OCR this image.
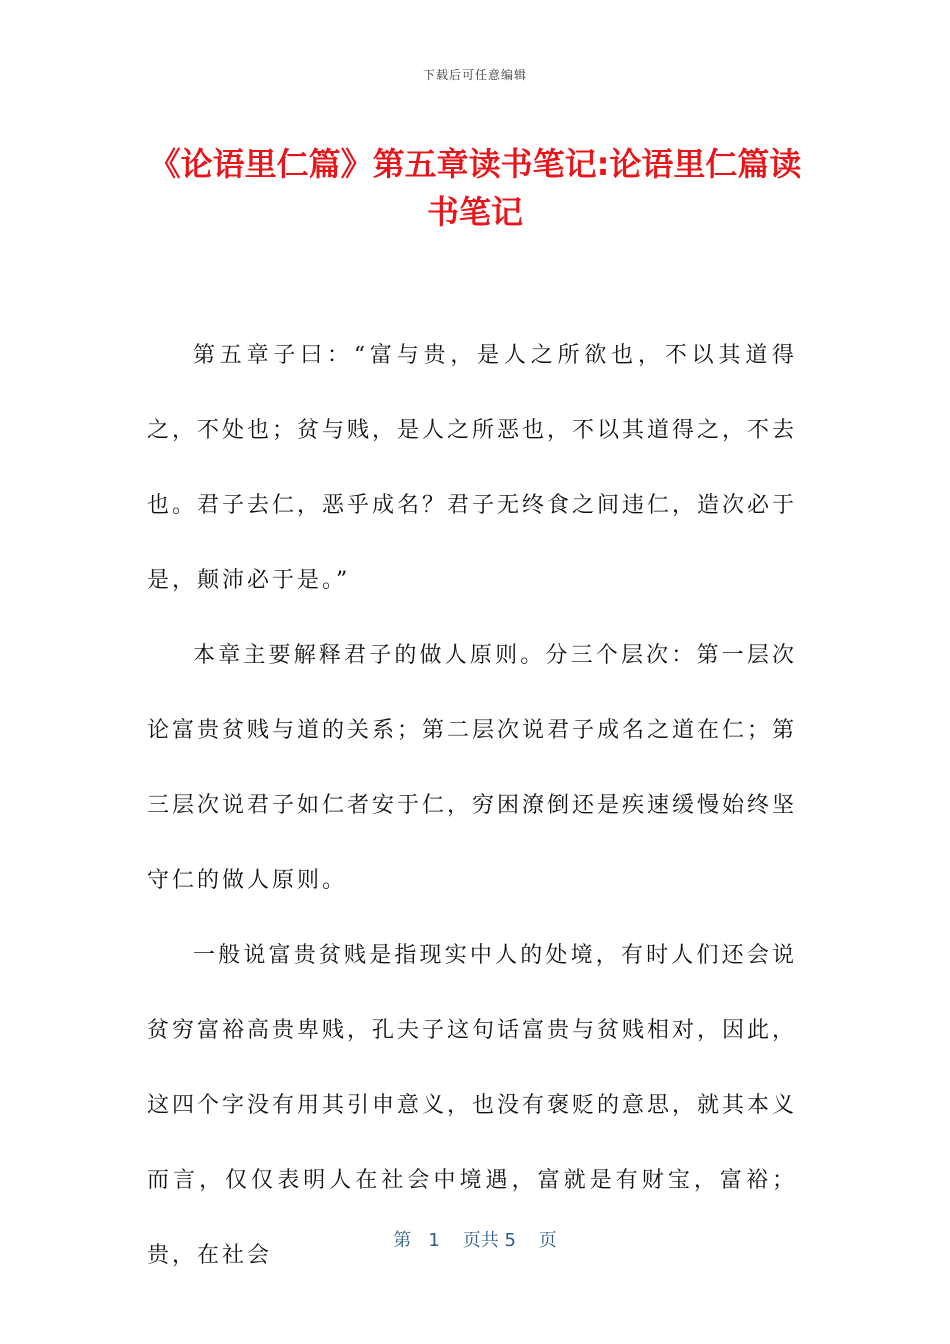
下载后可任意编辑
《论语里仁篇》第五章读书笔记:论语里仁篇读书笔记

第五章子曰：“富与贵，是人之所欲也，不以其道得之，不处也；贫与贱，是人之所恶也，不以其道得之，不去也。君子去仁，恶乎成名？君子无终食之间违仁，造次必于是，颠沛必于是。”

本章主要解释君子的做人原则。分三个层次：第一层次论富贵贫贱与道的关系；第二层次说君子成名之道在仁；第三层次说君子如仁者安于仁，穷困潦倒还是疾速缓慢始终坚守仁的做人原则。

一般说富贵贫贱是指现实中人的处境，有时人们还会说贫穷富裕高贵卑贱，孔夫子这句话富贵与贫贱相对，因此，这四个字没有用其引申意义，也没有褒贬的意思，就其本义而言，仅仅表明人在社会中境遇，富就是有财宝，富裕；贵，在社会

第 1 页共 5 页
